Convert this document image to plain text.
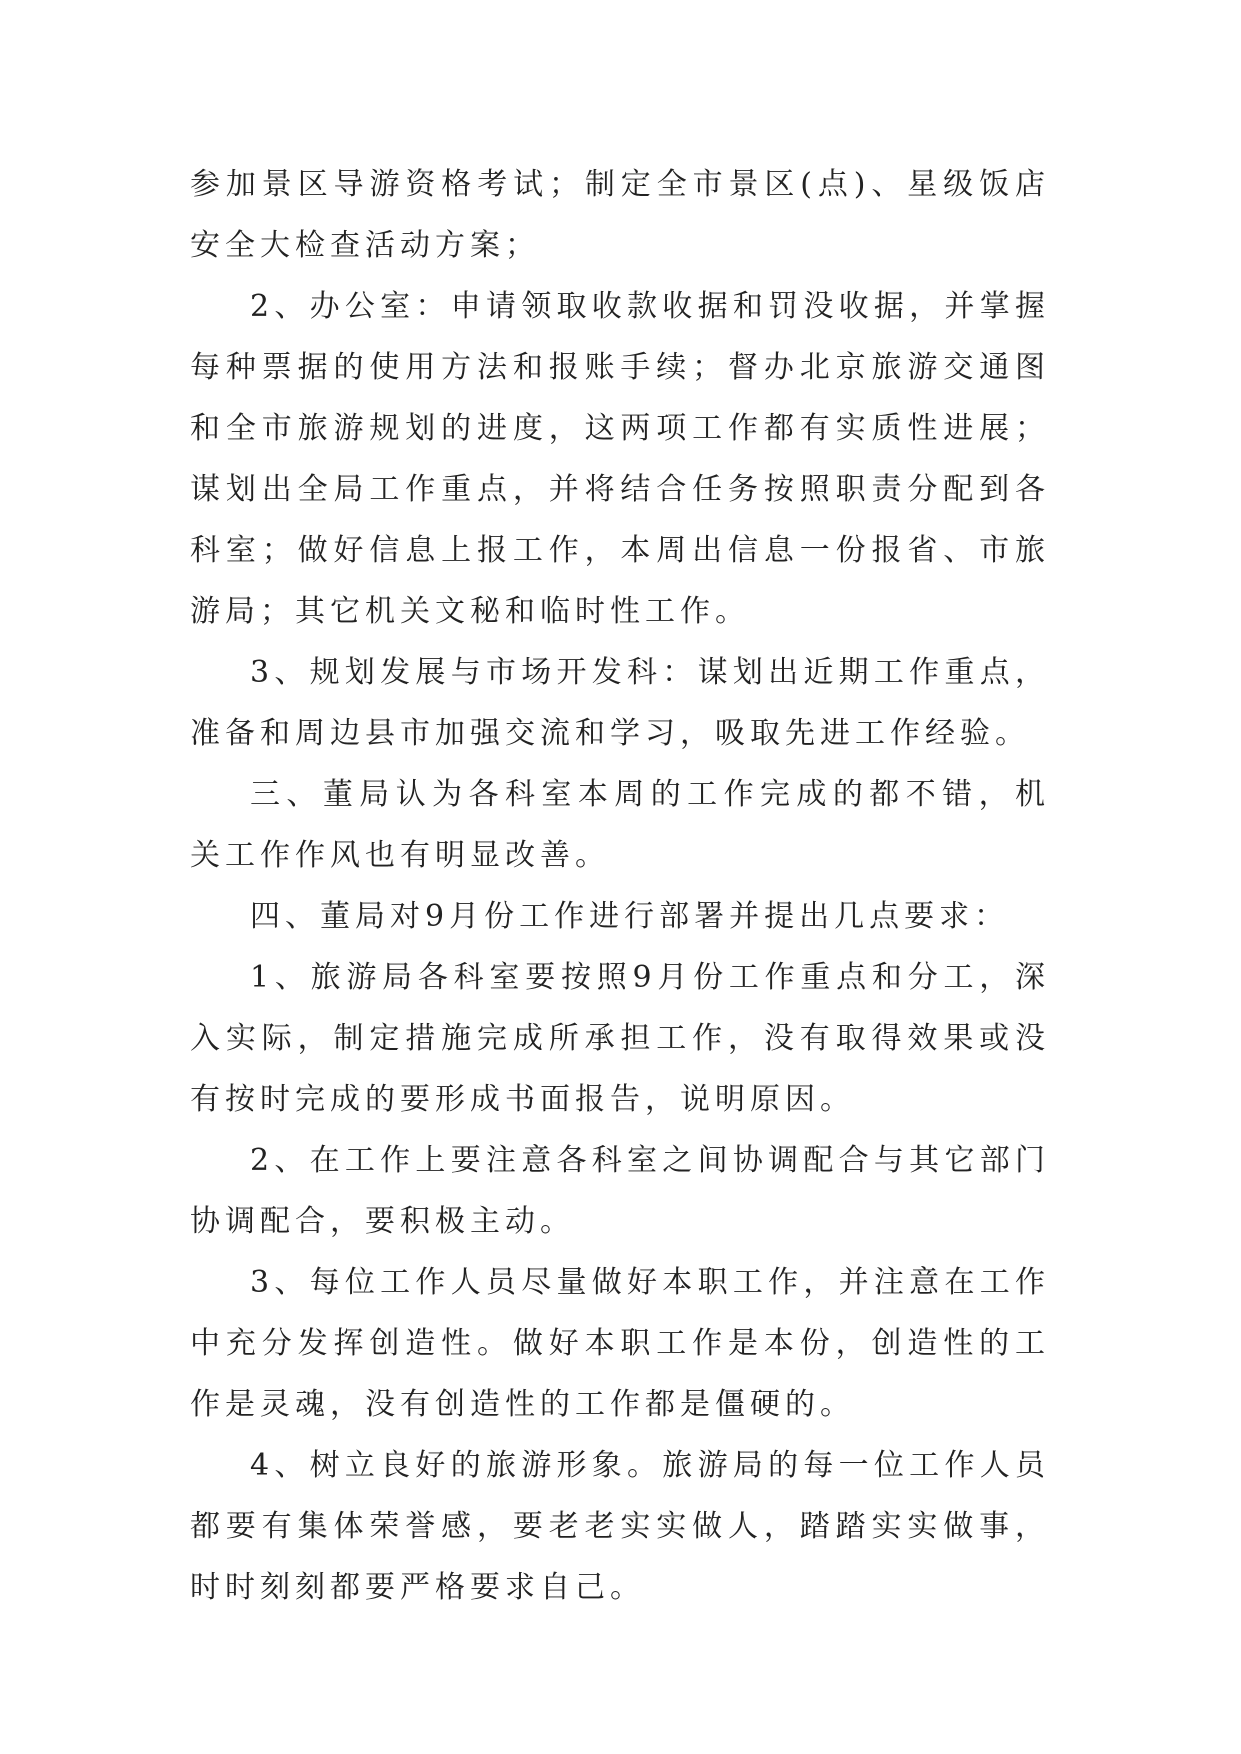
参加景区导游资格考试；制定全市景区(点)、星级饭店安全大检查活动方案；

2、办公室：申请领取收款收据和罚没收据，并掌握每种票据的使用方法和报账手续；督办北京旅游交通图和全市旅游规划的进度，这两项工作都有实质性进展；谋划出全局工作重点，并将结合任务按照职责分配到各科室；做好信息上报工作，本周出信息一份报省、市旅游局；其它机关文秘和临时性工作。

3、规划发展与市场开发科：谋划出近期工作重点，准备和周边县市加强交流和学习，吸取先进工作经验。

三、董局认为各科室本周的工作完成的都不错，机关工作作风也有明显改善。

四、董局对9月份工作进行部署并提出几点要求：

1、旅游局各科室要按照9月份工作重点和分工，深入实际，制定措施完成所承担工作，没有取得效果或没有按时完成的要形成书面报告，说明原因。

2、在工作上要注意各科室之间协调配合与其它部门协调配合，要积极主动。

3、每位工作人员尽量做好本职工作，并注意在工作中充分发挥创造性。做好本职工作是本份，创造性的工作是灵魂，没有创造性的工作都是僵硬的。

4、树立良好的旅游形象。旅游局的每一位工作人员都要有集体荣誉感，要老老实实做人，踏踏实实做事，时时刻刻都要严格要求自己。
